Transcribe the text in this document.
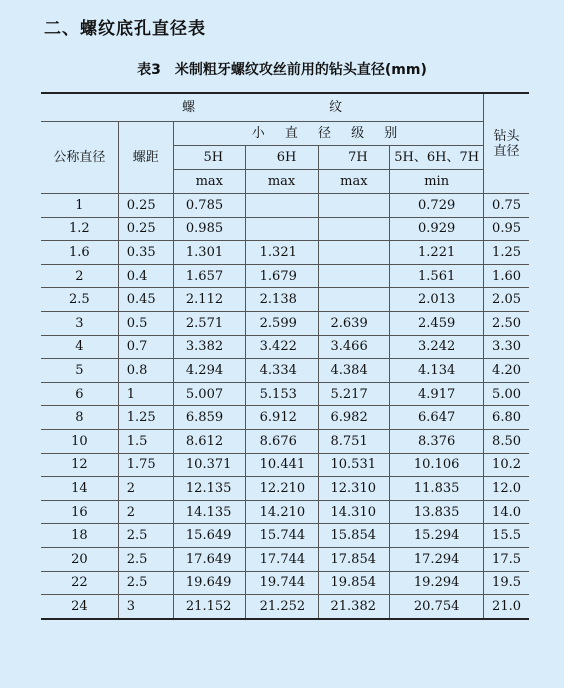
二、螺纹底孔直径表
表3　米制粗牙螺纹攻丝前用的钻头直径(mm)
螺 纹						钻头
直径

公称直径	螺距	小 直 径 级 别				
		5H	6H	7H	5H、6H、7H	
		max	max	max	min	
1	0.25	0.785			0.729	0.75
1.2	0.25	0.985			0.929	0.95
1.6	0.35	1.301	1.321		1.221	1.25
2	0.4	1.657	1.679		1.561	1.60
2.5	0.45	2.112	2.138		2.013	2.05
3	0.5	2.571	2.599	2.639	2.459	2.50
4	0.7	3.382	3.422	3.466	3.242	3.30
5	0.8	4.294	4.334	4.384	4.134	4.20
6	1	5.007	5.153	5.217	4.917	5.00
8	1.25	6.859	6.912	6.982	6.647	6.80
10	1.5	8.612	8.676	8.751	8.376	8.50
12	1.75	10.371	10.441	10.531	10.106	10.2
14	2	12.135	12.210	12.310	11.835	12.0
16	2	14.135	14.210	14.310	13.835	14.0
18	2.5	15.649	15.744	15.854	15.294	15.5
20	2.5	17.649	17.744	17.854	17.294	17.5
22	2.5	19.649	19.744	19.854	19.294	19.5
24	3	21.152	21.252	21.382	20.754	21.0
